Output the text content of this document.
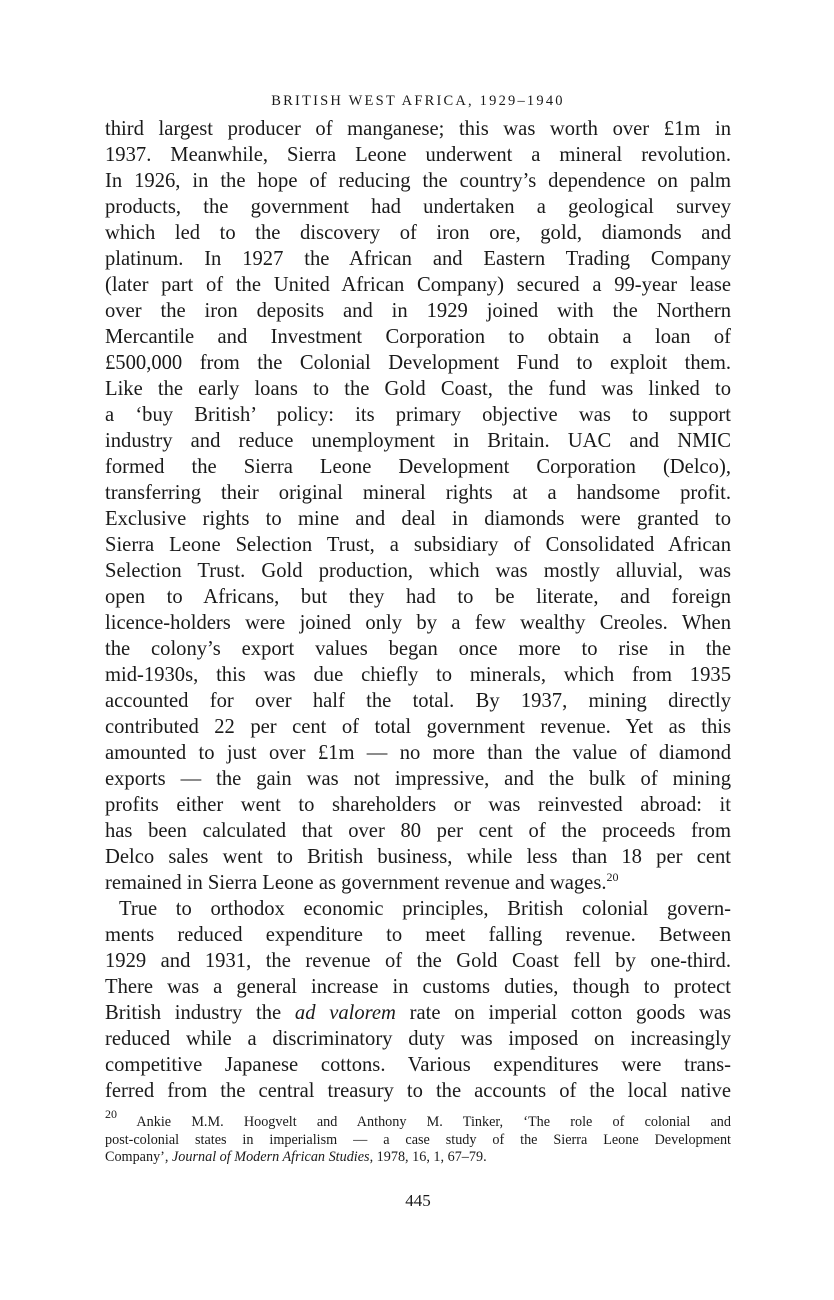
BRITISH WEST AFRICA, 1929–1940
third largest producer of manganese; this was worth over £1m in
1937. Meanwhile, Sierra Leone underwent a mineral revolution.
In 1926, in the hope of reducing the country’s dependence on palm
products, the government had undertaken a geological survey
which led to the discovery of iron ore, gold, diamonds and
platinum. In 1927 the African and Eastern Trading Company
(later part of the United African Company) secured a 99-year lease
over the iron deposits and in 1929 joined with the Northern
Mercantile and Investment Corporation to obtain a loan of
£500,000 from the Colonial Development Fund to exploit them.
Like the early loans to the Gold Coast, the fund was linked to
a ‘buy British’ policy: its primary objective was to support
industry and reduce unemployment in Britain. UAC and NMIC
formed the Sierra Leone Development Corporation (Delco),
transferring their original mineral rights at a handsome profit.
Exclusive rights to mine and deal in diamonds were granted to
Sierra Leone Selection Trust, a subsidiary of Consolidated African
Selection Trust. Gold production, which was mostly alluvial, was
open to Africans, but they had to be literate, and foreign
licence-holders were joined only by a few wealthy Creoles. When
the colony’s export values began once more to rise in the
mid-1930s, this was due chiefly to minerals, which from 1935
accounted for over half the total. By 1937, mining directly
contributed 22 per cent of total government revenue. Yet as this
amounted to just over £1m — no more than the value of diamond
exports — the gain was not impressive, and the bulk of mining
profits either went to shareholders or was reinvested abroad: it
has been calculated that over 80 per cent of the proceeds from
Delco sales went to British business, while less than 18 per cent
remained in Sierra Leone as government revenue and wages.$^{20}$
True to orthodox economic principles, British colonial govern-
ments reduced expenditure to meet falling revenue. Between
1929 and 1931, the revenue of the Gold Coast fell by one-third.
There was a general increase in customs duties, though to protect
British industry the ad valorem rate on imperial cotton goods was
reduced while a discriminatory duty was imposed on increasingly
competitive Japanese cottons. Various expenditures were trans-
ferred from the central treasury to the accounts of the local native
$^{20}$ Ankie M.M. Hoogvelt and Anthony M. Tinker, ‘The role of colonial and
post-colonial states in imperialism — a case study of the Sierra Leone Development
Company’, Journal of Modern African Studies, 1978, 16, 1, 67–79.
445
